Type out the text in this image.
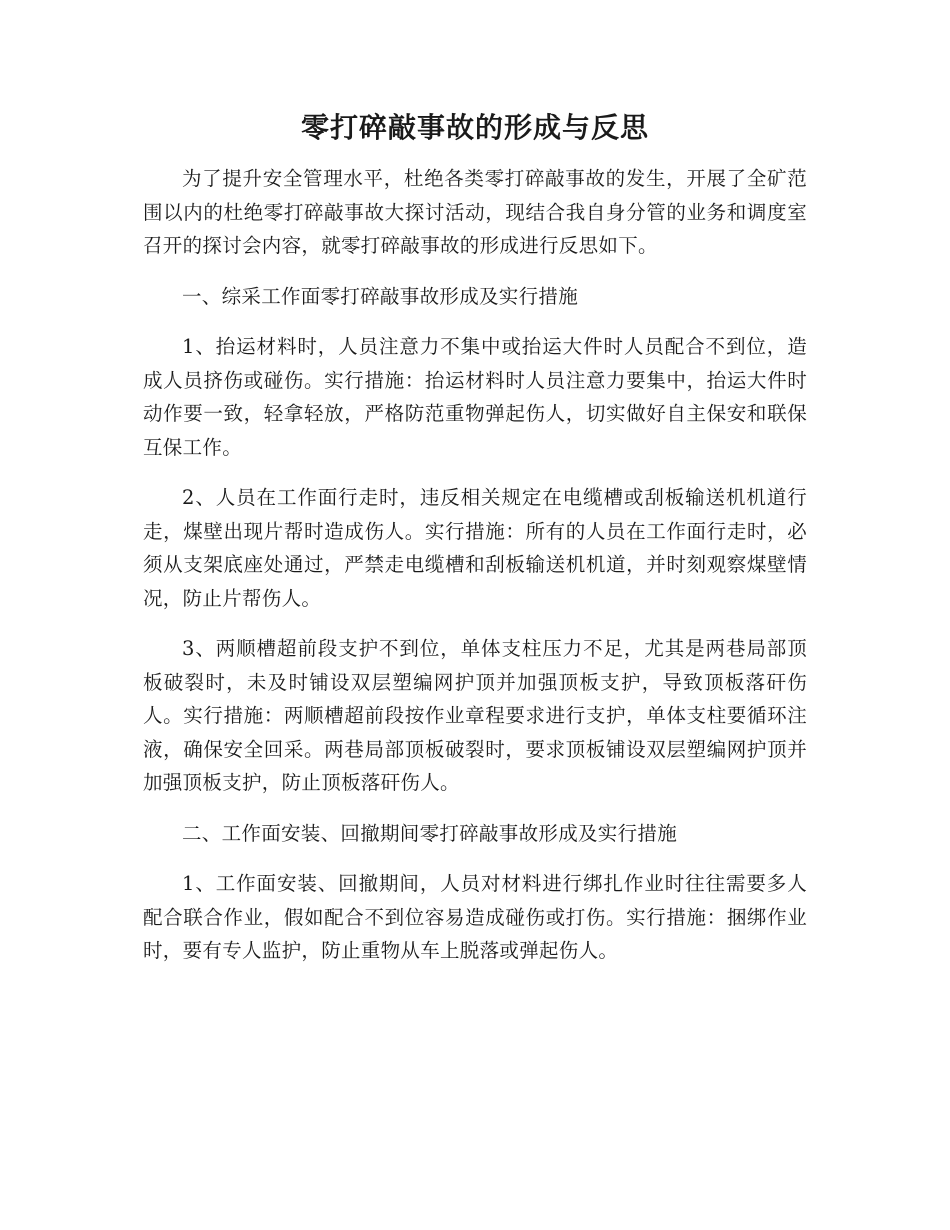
零打碎敲事故的形成与反思

为了提升安全管理水平，杜绝各类零打碎敲事故的发生，开展了全矿范围以内的杜绝零打碎敲事故大探讨活动，现结合我自身分管的业务和调度室召开的探讨会内容，就零打碎敲事故的形成进行反思如下。

一、综采工作面零打碎敲事故形成及实行措施

1、抬运材料时，人员注意力不集中或抬运大件时人员配合不到位，造成人员挤伤或碰伤。实行措施：抬运材料时人员注意力要集中，抬运大件时动作要一致，轻拿轻放，严格防范重物弹起伤人，切实做好自主保安和联保互保工作。

2、人员在工作面行走时，违反相关规定在电缆槽或刮板输送机机道行走，煤壁出现片帮时造成伤人。实行措施：所有的人员在工作面行走时，必须从支架底座处通过，严禁走电缆槽和刮板输送机机道，并时刻观察煤壁情况，防止片帮伤人。

3、两顺槽超前段支护不到位，单体支柱压力不足，尤其是两巷局部顶板破裂时，未及时铺设双层塑编网护顶并加强顶板支护，导致顶板落矸伤人。实行措施：两顺槽超前段按作业章程要求进行支护，单体支柱要循环注液，确保安全回采。两巷局部顶板破裂时，要求顶板铺设双层塑编网护顶并加强顶板支护，防止顶板落矸伤人。

二、工作面安装、回撤期间零打碎敲事故形成及实行措施

1、工作面安装、回撤期间，人员对材料进行绑扎作业时往往需要多人配合联合作业，假如配合不到位容易造成碰伤或打伤。实行措施：捆绑作业时，要有专人监护，防止重物从车上脱落或弹起伤人。
